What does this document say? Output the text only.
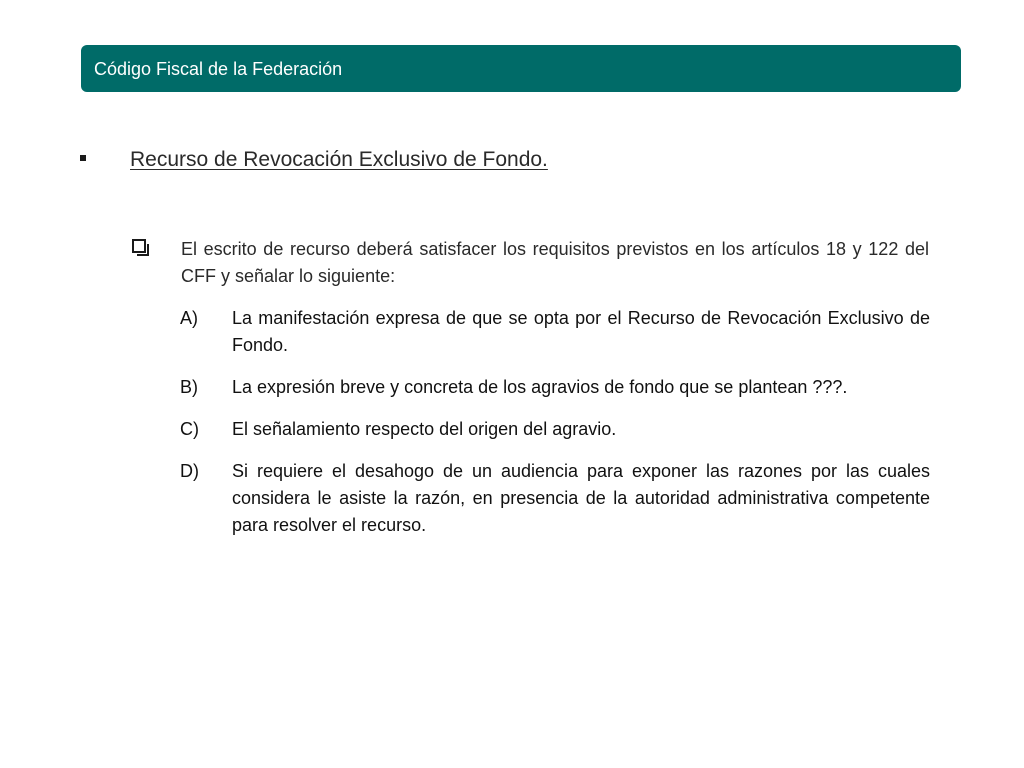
Código Fiscal de la Federación
Recurso de Revocación Exclusivo de Fondo.
El escrito de recurso deberá satisfacer los requisitos previstos en los artículos 18 y 122 del CFF y señalar lo siguiente:
A)	La manifestación expresa de que se opta por el Recurso de Revocación Exclusivo de Fondo.
B)	La expresión breve y concreta de los agravios de fondo que se plantean ???.
C)	El señalamiento respecto del origen del agravio.
D)	Si requiere el desahogo de un audiencia para exponer las razones por las cuales considera le asiste la razón, en presencia de la autoridad administrativa competente para resolver el recurso.
